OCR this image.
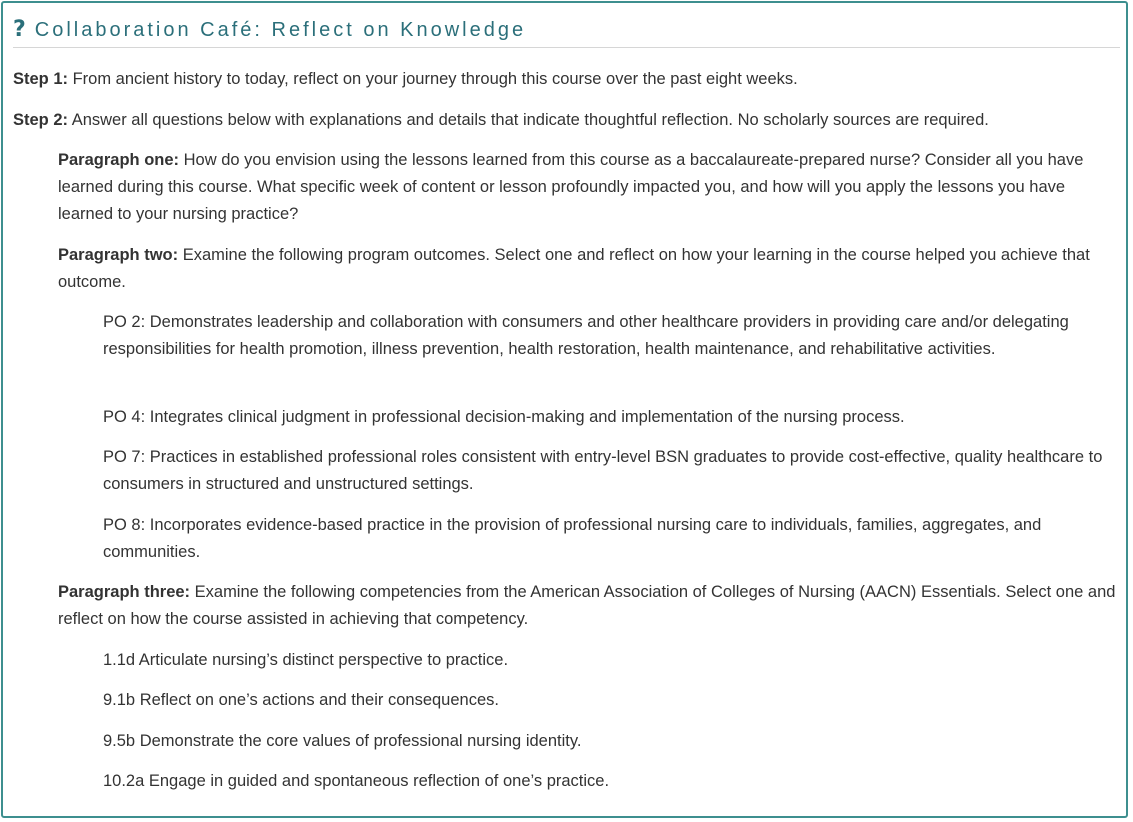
? Collaboration Café: Reflect on Knowledge

Step 1: From ancient history to today, reflect on your journey through this course over the past eight weeks.

Step 2: Answer all questions below with explanations and details that indicate thoughtful reflection. No scholarly sources are required.

Paragraph one: How do you envision using the lessons learned from this course as a baccalaureate-prepared nurse? Consider all you have learned during this course. What specific week of content or lesson profoundly impacted you, and how will you apply the lessons you have learned to your nursing practice?

Paragraph two: Examine the following program outcomes. Select one and reflect on how your learning in the course helped you achieve that outcome.

PO 2: Demonstrates leadership and collaboration with consumers and other healthcare providers in providing care and/or delegating responsibilities for health promotion, illness prevention, health restoration, health maintenance, and rehabilitative activities.

PO 4: Integrates clinical judgment in professional decision-making and implementation of the nursing process.

PO 7: Practices in established professional roles consistent with entry-level BSN graduates to provide cost-effective, quality healthcare to consumers in structured and unstructured settings.

PO 8: Incorporates evidence-based practice in the provision of professional nursing care to individuals, families, aggregates, and communities.

Paragraph three: Examine the following competencies from the American Association of Colleges of Nursing (AACN) Essentials. Select one and reflect on how the course assisted in achieving that competency.

1.1d Articulate nursing’s distinct perspective to practice.

9.1b Reflect on one’s actions and their consequences.

9.5b Demonstrate the core values of professional nursing identity.

10.2a Engage in guided and spontaneous reflection of one’s practice.
